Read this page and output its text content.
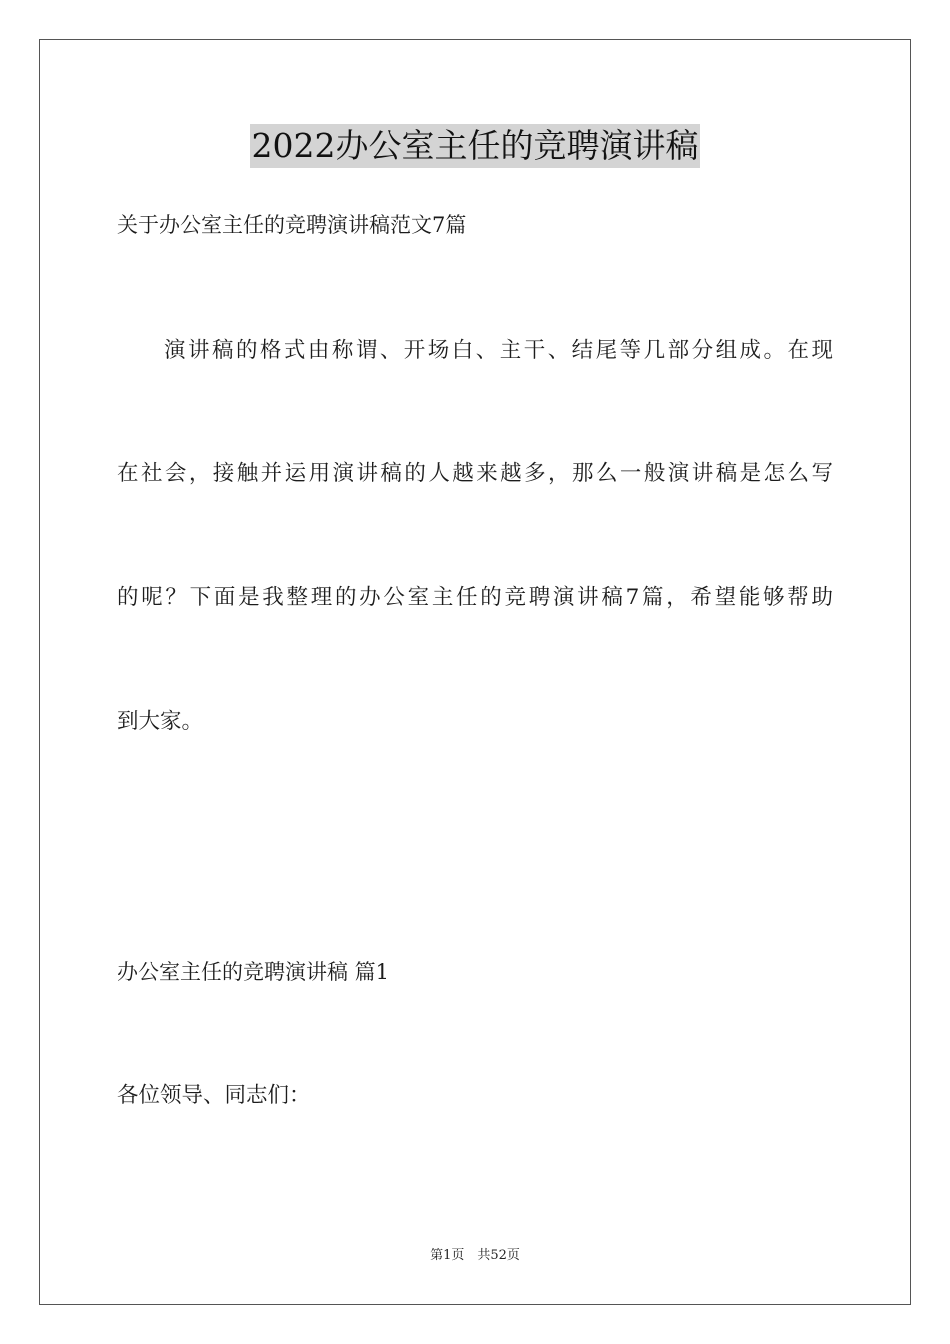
2022办公室主任的竞聘演讲稿
关于办公室主任的竞聘演讲稿范文7篇
演讲稿的格式由称谓、开场白、主干、结尾等几部分组成。在现
在社会，接触并运用演讲稿的人越来越多，那么一般演讲稿是怎么写
的呢？下面是我整理的办公室主任的竞聘演讲稿7篇，希望能够帮助
到大家。
办公室主任的竞聘演讲稿 篇1
各位领导、同志们：
第1页　共52页
